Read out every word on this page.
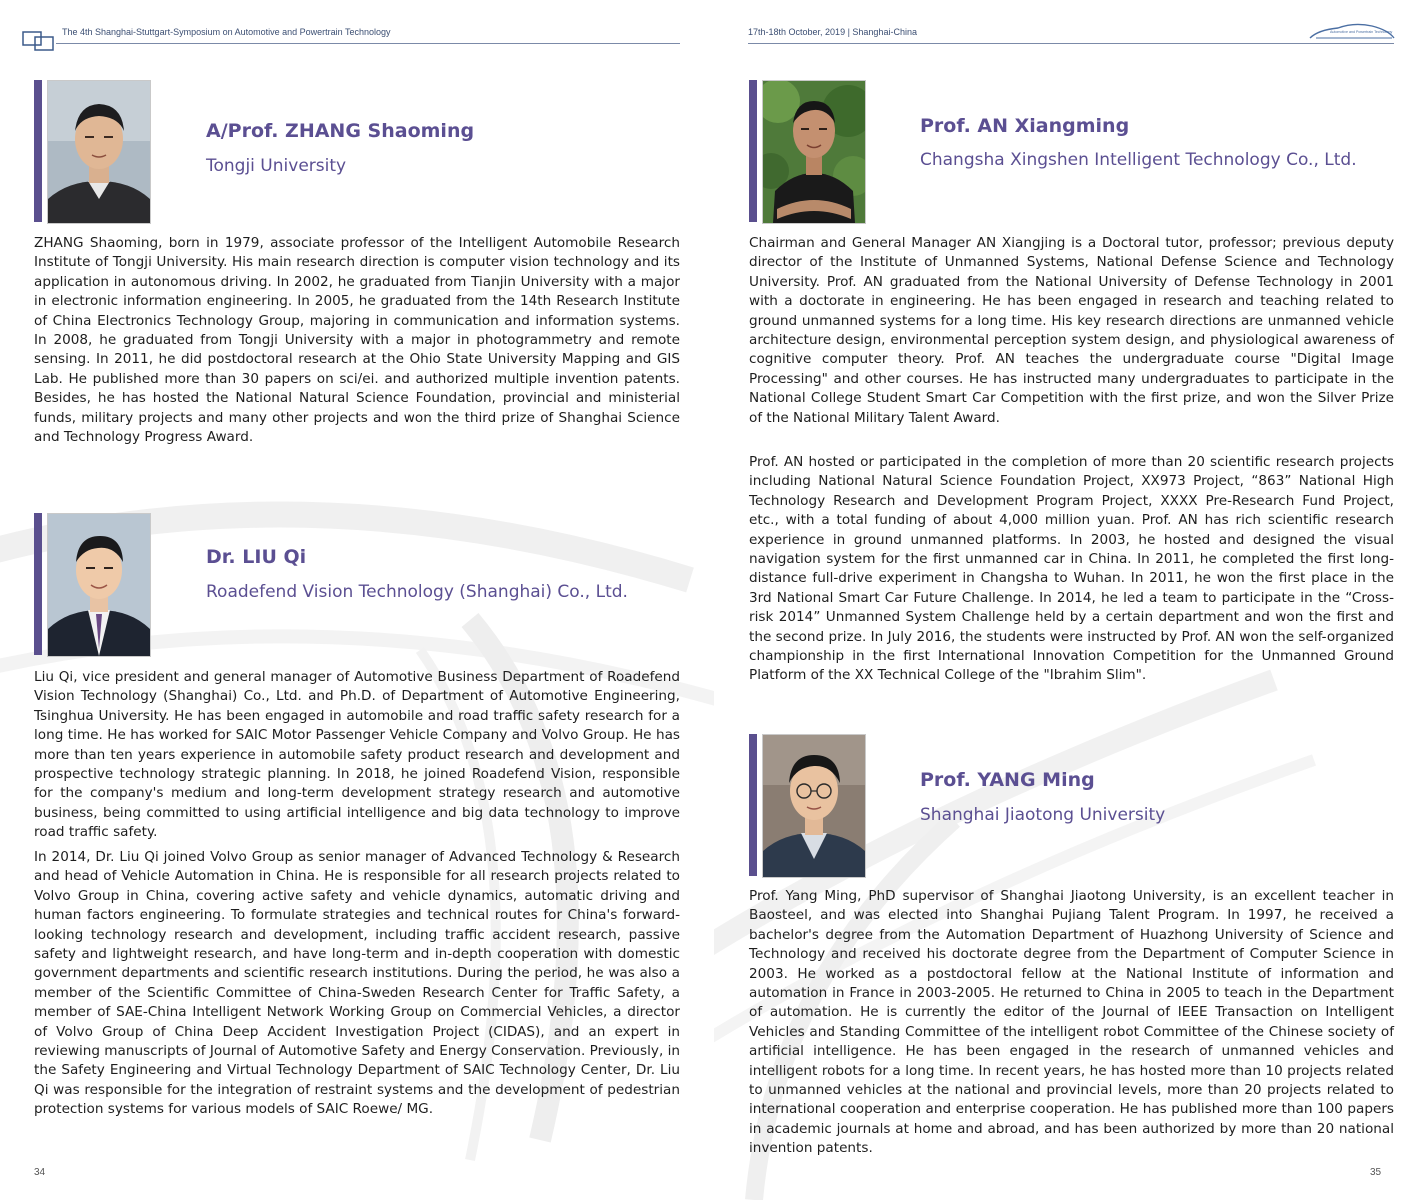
The 4th Shanghai-Stuttgart-Symposium on Automotive and Powertrain Technology
A/Prof. ZHANG Shaoming
Tongji University

ZHANG Shaoming, born in 1979, associate professor of the Intelligent Automobile Research Institute of Tongji University. His main research direction is computer vision technology and its application in autonomous driving. In 2002, he graduated from Tianjin University with a major in electronic information engineering. In 2005, he graduated from the 14th Research Institute of China Electronics Technology Group, majoring in communication and information systems. In 2008, he graduated from Tongji University with a major in photogrammetry and remote sensing. In 2011, he did postdoctoral research at the Ohio State University Mapping and GIS Lab. He published more than 30 papers on sci/ei. and authorized multiple invention patents. Besides, he has hosted the National Natural Science Foundation, provincial and ministerial funds, military projects and many other projects and won the third prize of Shanghai Science and Technology Progress Award.

Dr. LIU Qi
Roadefend Vision Technology (Shanghai) Co., Ltd.

Liu Qi, vice president and general manager of Automotive Business Department of Roadefend Vision Technology (Shanghai) Co., Ltd. and Ph.D. of Department of Automotive Engineering, Tsinghua University. He has been engaged in automobile and road traffic safety research for a long time. He has worked for SAIC Motor Passenger Vehicle Company and Volvo Group. He has more than ten years experience in automobile safety product research and development and prospective technology strategic planning. In 2018, he joined Roadefend Vision, responsible for the company's medium and long-term development strategy research and automotive business, being committed to using artificial intelligence and big data technology to improve road traffic safety.

In 2014, Dr. Liu Qi joined Volvo Group as senior manager of Advanced Technology & Research and head of Vehicle Automation in China. He is responsible for all research projects related to Volvo Group in China, covering active safety and vehicle dynamics, automatic driving and human factors engineering. To formulate strategies and technical routes for China's forward-looking technology research and development, including traffic accident research, passive safety and lightweight research, and have long-term and in-depth cooperation with domestic government departments and scientific research institutions. During the period, he was also a member of the Scientific Committee of China-Sweden Research Center for Traffic Safety, a member of SAE-China Intelligent Network Working Group on Commercial Vehicles, a director of Volvo Group of China Deep Accident Investigation Project (CIDAS), and an expert in reviewing manuscripts of Journal of Automotive Safety and Energy Conservation. Previously, in the Safety Engineering and Virtual Technology Department of SAIC Technology Center, Dr. Liu Qi was responsible for the integration of restraint systems and the development of pedestrian protection systems for various models of SAIC Roewe/ MG.

34
17th-18th October, 2019 | Shanghai-China	Automotive and Powertrain Technology
Prof. AN Xiangming
Changsha Xingshen Intelligent Technology Co., Ltd.

Chairman and General Manager AN Xiangjing is a Doctoral tutor, professor; previous deputy director of the Institute of Unmanned Systems, National Defense Science and Technology University. Prof. AN graduated from the National University of Defense Technology in 2001 with a doctorate in engineering. He has been engaged in research and teaching related to ground unmanned systems for a long time. His key research directions are unmanned vehicle architecture design, environmental perception system design, and physiological awareness of cognitive computer theory. Prof. AN teaches the undergraduate course "Digital Image Processing" and other courses. He has instructed many undergraduates to participate in the National College Student Smart Car Competition with the first prize, and won the Silver Prize of the National Military Talent Award.

Prof. AN hosted or participated in the completion of more than 20 scientific research projects including National Natural Science Foundation Project, XX973 Project, “863” National High Technology Research and Development Program Project, XXXX Pre-Research Fund Project, etc., with a total funding of about 4,000 million yuan. Prof. AN has rich scientific research experience in ground unmanned platforms. In 2003, he hosted and designed the visual navigation system for the first unmanned car in China. In 2011, he completed the first long-distance full-drive experiment in Changsha to Wuhan. In 2011, he won the first place in the 3rd National Smart Car Future Challenge. In 2014, he led a team to participate in the “Cross-risk 2014” Unmanned System Challenge held by a certain department and won the first and the second prize. In July 2016, the students were instructed by Prof. AN won the self-organized championship in the first International Innovation Competition for the Unmanned Ground Platform of the XX Technical College of the "Ibrahim Slim".

Prof. YANG Ming
Shanghai Jiaotong University

Prof. Yang Ming, PhD supervisor of Shanghai Jiaotong University, is an excellent teacher in Baosteel, and was elected into Shanghai Pujiang Talent Program. In 1997, he received a bachelor's degree from the Automation Department of Huazhong University of Science and Technology and received his doctorate degree from the Department of Computer Science in 2003. He worked as a postdoctoral fellow at the National Institute of information and automation in France in 2003-2005. He returned to China in 2005 to teach in the Department of automation. He is currently the editor of the Journal of IEEE Transaction on Intelligent Vehicles and Standing Committee of the intelligent robot Committee of the Chinese society of artificial intelligence. He has been engaged in the research of unmanned vehicles and intelligent robots for a long time. In recent years, he has hosted more than 10 projects related to unmanned vehicles at the national and provincial levels, more than 20 projects related to international cooperation and enterprise cooperation. He has published more than 100 papers in academic journals at home and abroad, and has been authorized by more than 20 national invention patents.

35
